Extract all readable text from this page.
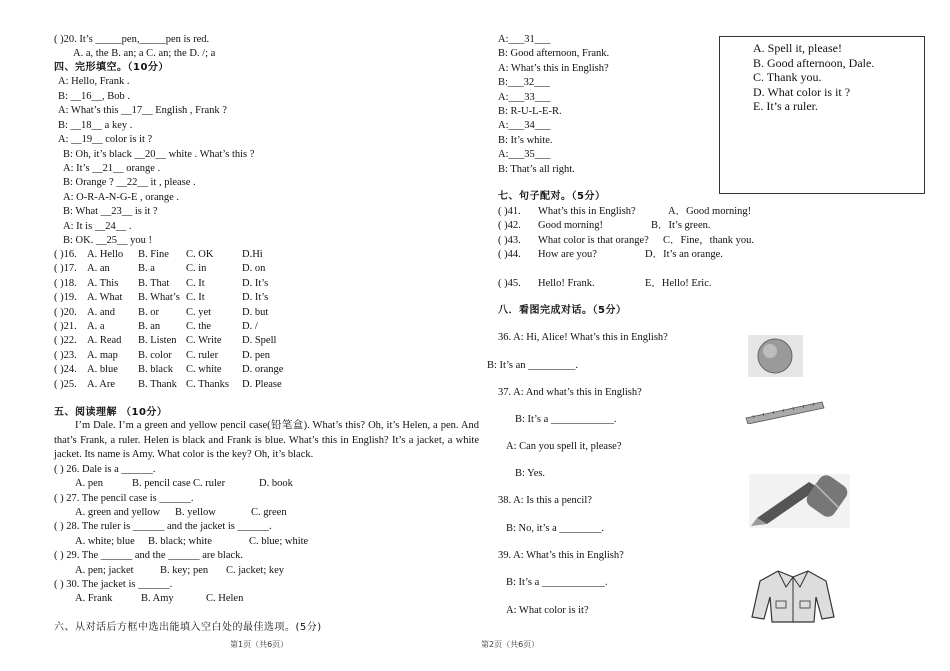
( )20. It’s _____pen,_____pen is red.
A. a, the B. an; a C. an; the D. /; a
四、完形填空。（10分）
A: Hello, Frank .
B: __16__, Bob .
A: What’s this __17__ English , Frank ?
B: __18__ a key .
A: __19__ color is it ?
B: Oh, it’s black __20__ white . What’s this ?
A: It’s __21__ orange .
B: Orange ? __22__ it , please .
A: O-R-A-N-G-E , orange .
B: What __23__ is it ?
A: It is __24__ .
B: OK. __25__ you !
五、阅读理解 （10分）
I’m Dale. I’m a green and yellow pencil case(铅笔盒). What’s this? Oh, it’s Helen, a pen. And that’s Frank, a ruler. Helen is black and Frank is blue. What’s this in English? It’s a jacket, a white jacket. Its name is Amy. What color is the key? Oh, it’s black.
六、从对话后方框中选出能填入空白处的最佳选项。(5分)
第1页（共6页）
A. Spell it, please!
B. Good afternoon, Dale.
C. Thank you.
D. What color is it ?
E. It’s a ruler.
七、句子配对。（5分）
八．看图完成对话。（5分）
36. A: Hi, Alice! What’s this in English?
B: It’s an _________.
37. A: And what’s this in English?
B: It’s a ____________.
A: Can you spell it, please?
B: Yes.
38. A: Is this a pencil?
B: No, it’s a ________.
39. A: What’s this in English?
B: It’s a ____________.
A: What color is it?
第2页（共6页）
( )16. A. Hello B. Fine C. OK	D.Hi
( )17. A. an	B. a	C. in	D. on
( )18. A. This B. That C. It	D. It’s
( )19. A. What B. What’s C. It	D. It’s
( )20. A. and B. or	C. yet	D. but
( )21. A. a	B. an C. the	D. /
( )22. A. Read B. Listen C. Write D. Spell
( )23. A. map B. color C. ruler D. pen
( )24. A. blue B. black C. white D. orange
( )25. A. Are B. Thank C. Thanks D. Please
( ) 26. Dale is a ______.
A. pen	B. pencil case C. ruler	D. book
( ) 27. The pencil case is ______.
A. green and yellow B. yellow	C. green
( ) 28. The ruler is ______ and the jacket is ______.
A. white; blue B. black; white	C. blue; white
( ) 29. The ______ and the ______ are black.
A. pen; jacket	B. key; pen C. jacket; key
( ) 30. The jacket is ______.
A. Frank	B. Amy	C. Helen
A:___31___
B: Good afternoon, Frank.
A: What’s this in English?
B:___32___
A:___33___
B: R-U-L-E-R.
A:___34___
B: It’s white.
A:___35___
B: That’s all right.
( )41. What’s this in English?	A．Good morning!
( )42. Good morning!	B．It’s green.
( )43. What color is that orange? C．Fine，thank you.
( )44. How are you?	D．It’s an orange.
( )45. Hello! Frank.	E．Hello! Eric.
